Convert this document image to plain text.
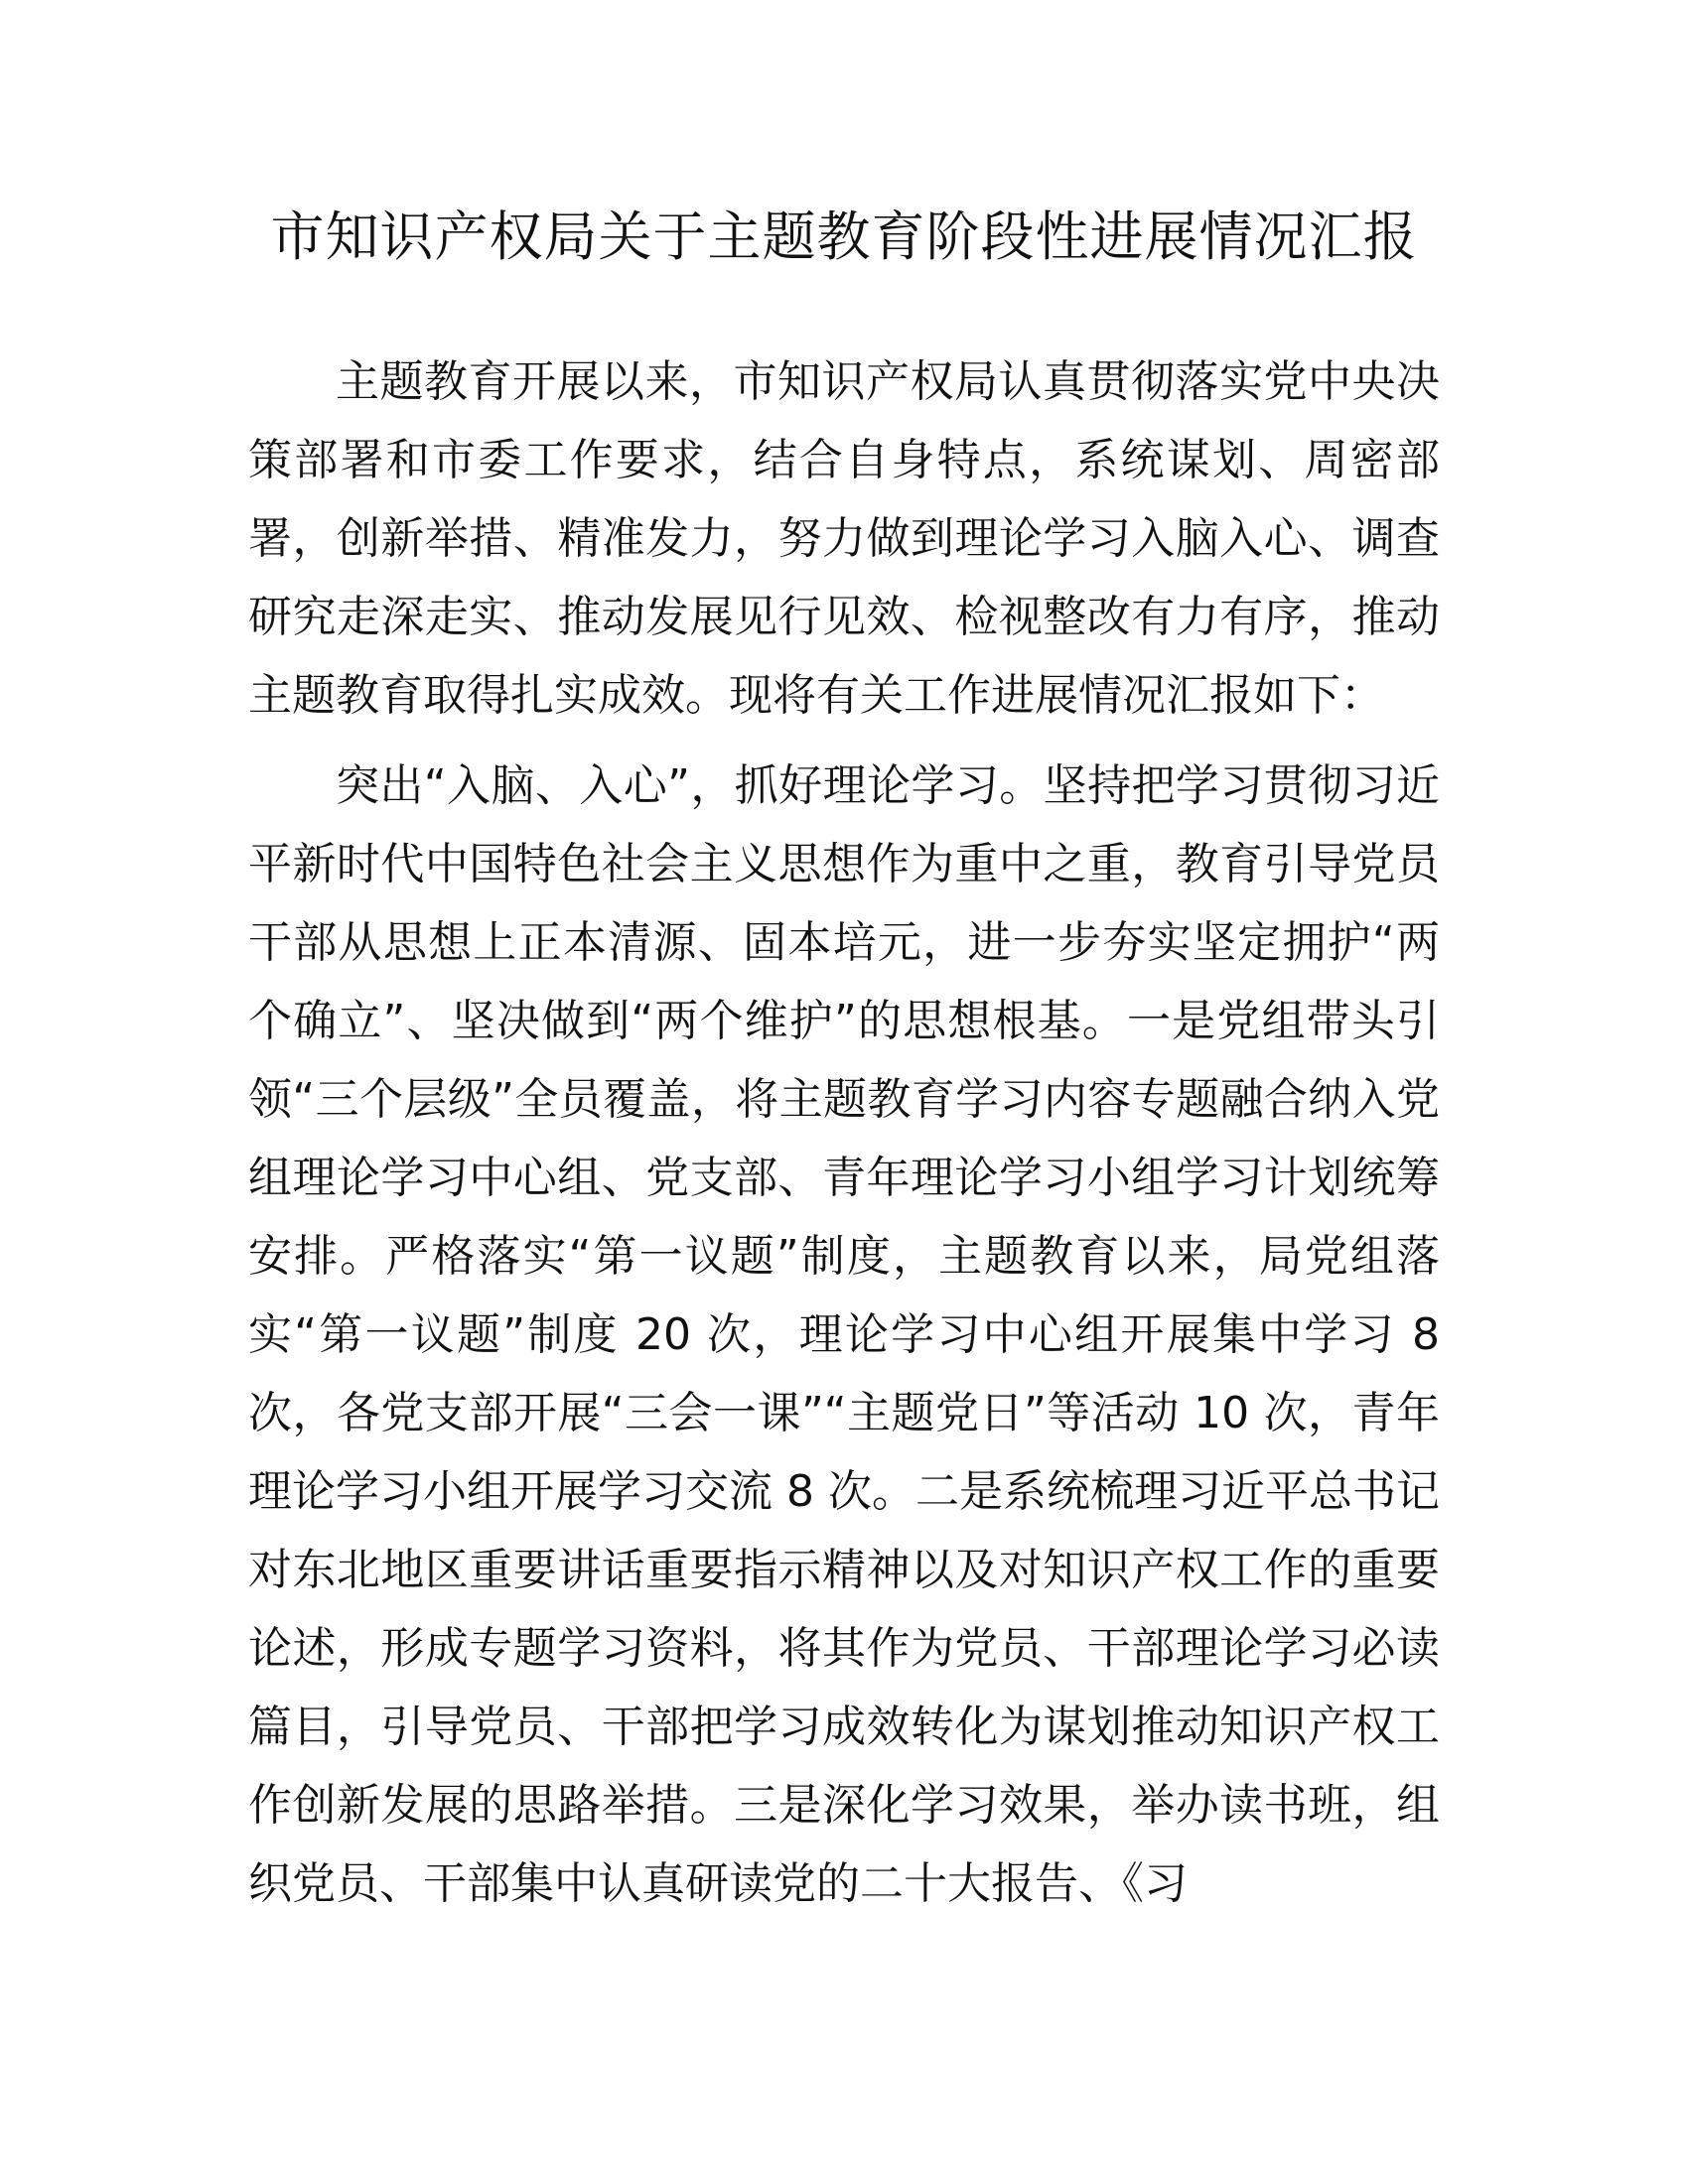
市知识产权局关于主题教育阶段性进展情况汇报

主题教育开展以来，市知识产权局认真贯彻落实党中央决策部署和市委工作要求，结合自身特点，系统谋划、周密部署，创新举措、精准发力，努力做到理论学习入脑入心、调查研究走深走实、推动发展见行见效、检视整改有力有序，推动主题教育取得扎实成效。现将有关工作进展情况汇报如下：

突出“入脑、入心”，抓好理论学习。坚持把学习贯彻习近平新时代中国特色社会主义思想作为重中之重，教育引导党员干部从思想上正本清源、固本培元，进一步夯实坚定拥护“两个确立”、坚决做到“两个维护”的思想根基。一是党组带头引领“三个层级”全员覆盖，将主题教育学习内容专题融合纳入党组理论学习中心组、党支部、青年理论学习小组学习计划统筹安排。严格落实“第一议题”制度，主题教育以来，局党组落实“第一议题”制度 20 次，理论学习中心组开展集中学习 8 次，各党支部开展“三会一课”“主题党日”等活动 10 次，青年理论学习小组开展学习交流 8 次。二是系统梳理习近平总书记对东北地区重要讲话重要指示精神以及对知识产权工作的重要论述，形成专题学习资料，将其作为党员、干部理论学习必读篇目，引导党员、干部把学习成效转化为谋划推动知识产权工作创新发展的思路举措。三是深化学习效果，举办读书班，组织党员、干部集中认真研读党的二十大报告、《习
